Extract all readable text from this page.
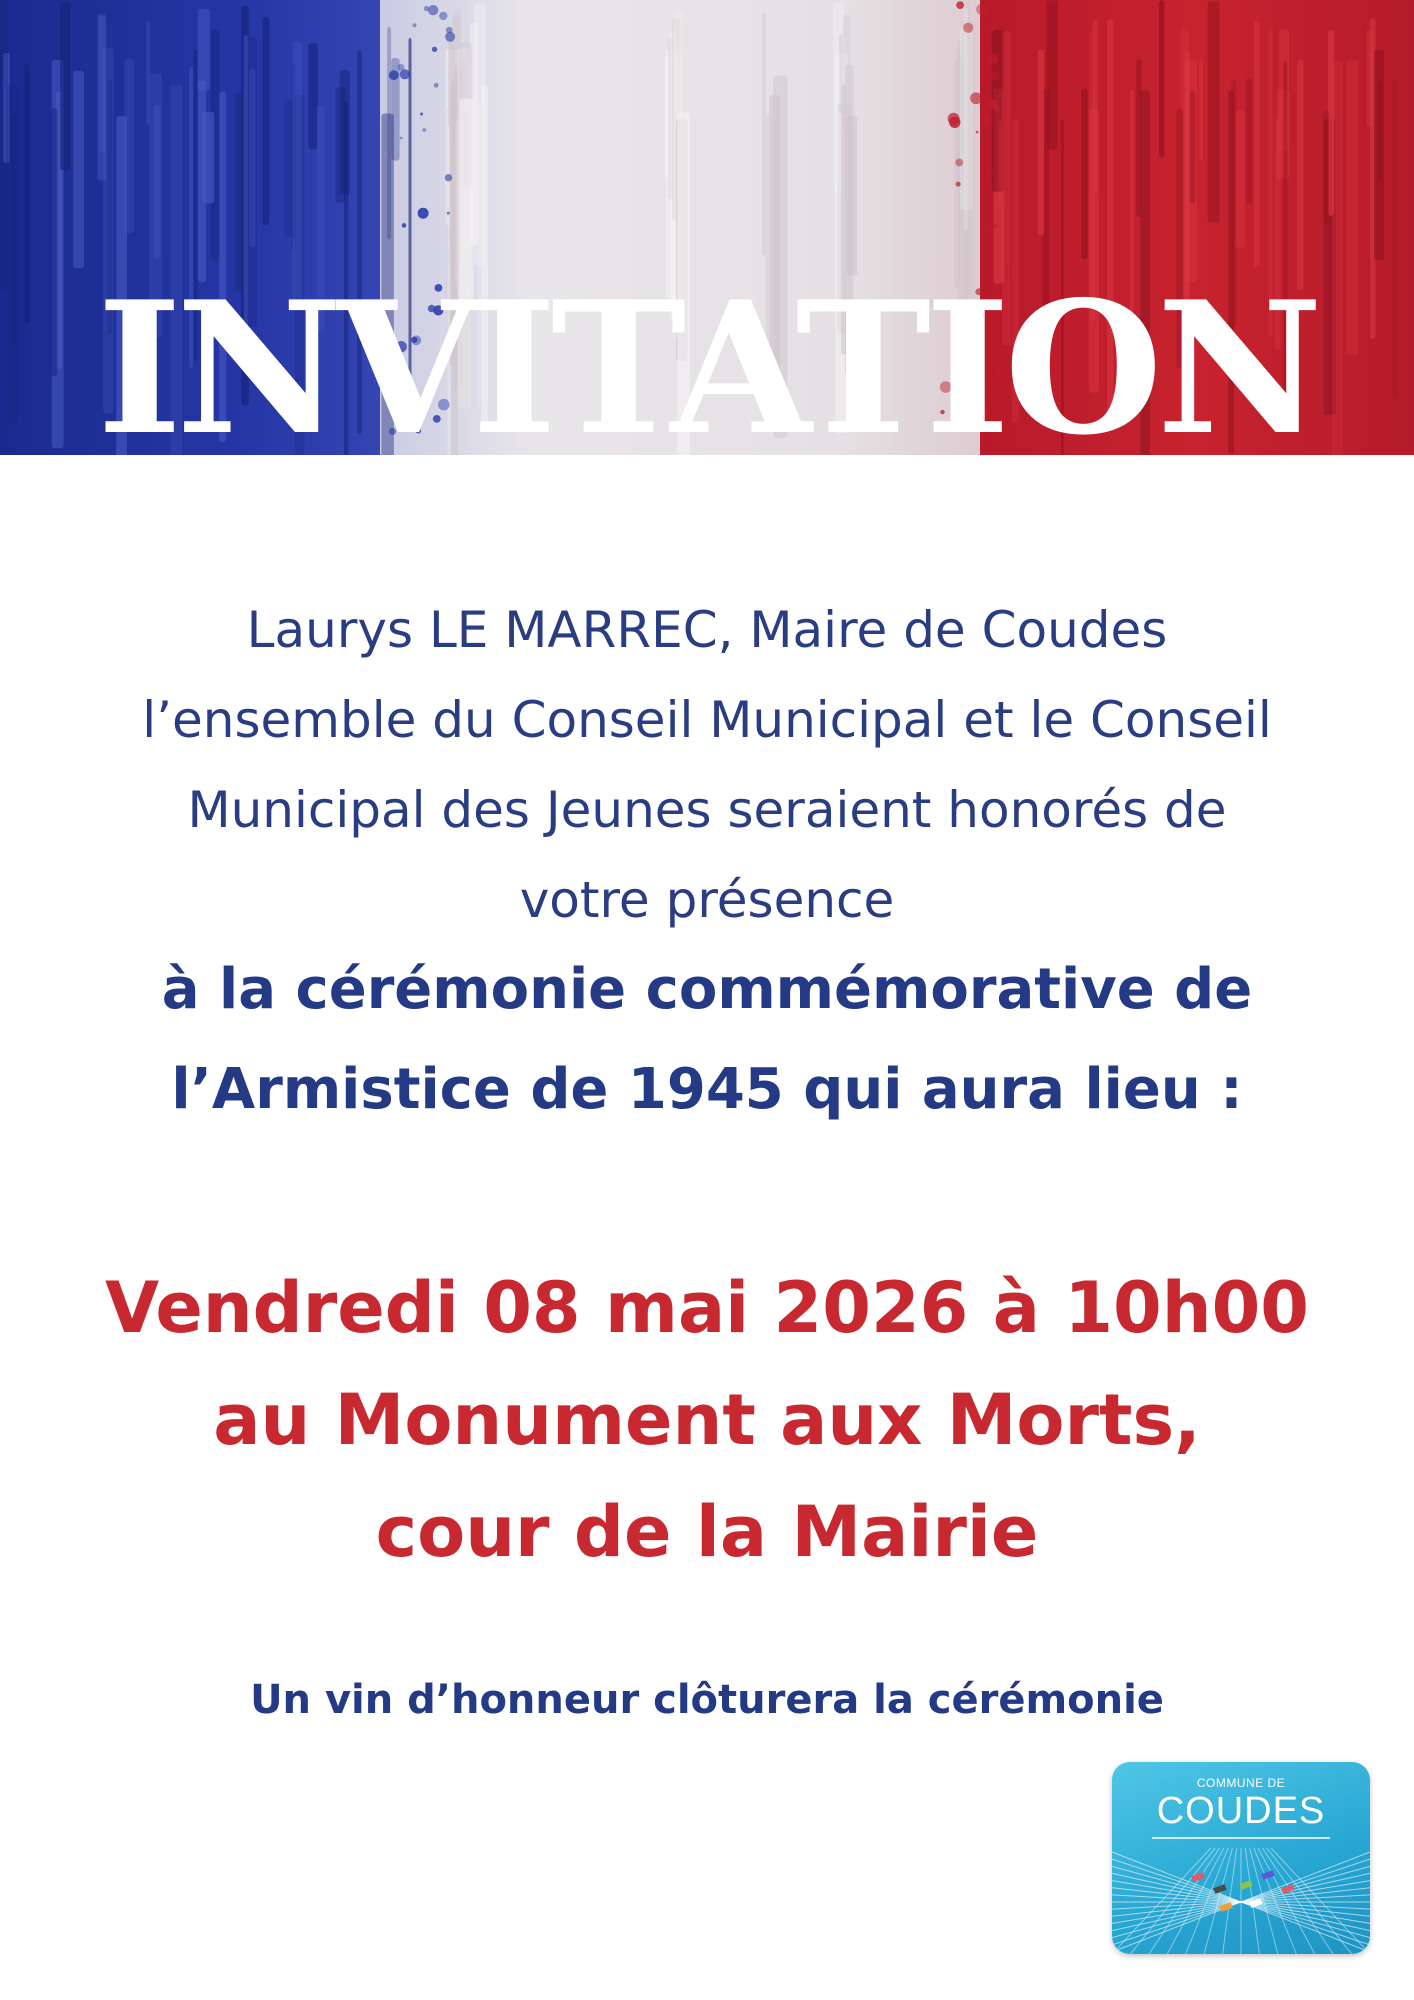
INVITATION
Laurys LE MARREC, Maire de Coudes
l’ensemble du Conseil Municipal et le Conseil
Municipal des Jeunes seraient honorés de
votre présence
à la cérémonie commémorative de
l’Armistice de 1945 qui aura lieu :
Vendredi 08 mai 2026 à 10h00
au Monument aux Morts,
cour de la Mairie
Un vin d’honneur clôturera la cérémonie
COMMUNE DE
COUDES
